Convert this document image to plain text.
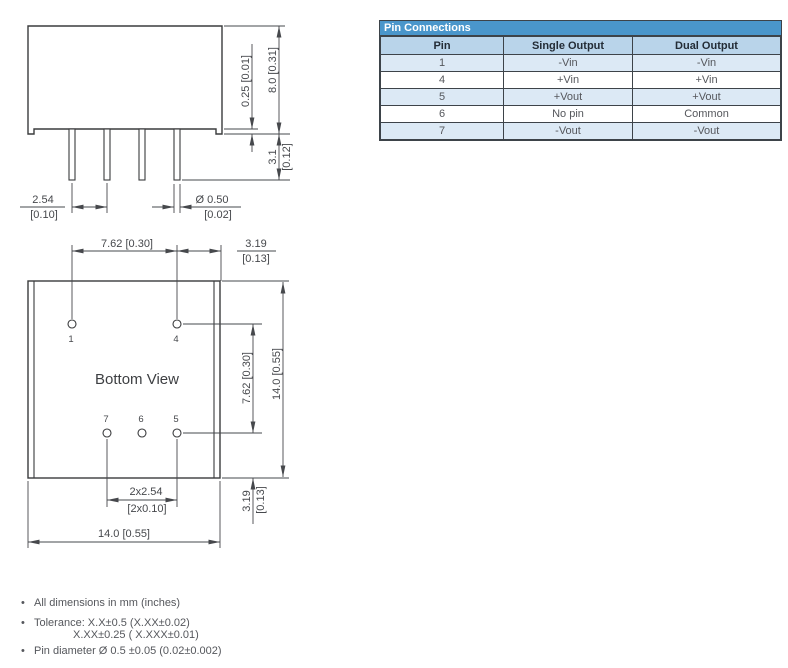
2.54
[0.10]
Ø 0.50
[0.02]
0.25 [0.01] 8.0 [0.31]
3.1 [0.12]
Bottom View
1	4
7	6	5
7.62 [0.30]	3.19
[0.13]
7.62 [0.30] 14.0 [0.55]
3.19 [0.13]
2x2.54
[2x0.10]
14.0 [0.55]
Pin Connections
Pin	Single Output	Dual Output
1	-Vin	-Vin
4	+Vin	+Vin
5	+Vout	+Vout
6	No pin	Common
7	-Vout	-Vout
• All dimensions in mm (inches)
• Tolerance: X.X±0.5 (X.XX±0.02)
X.XX±0.25 ( X.XXX±0.01)
• Pin diameter Ø 0.5 ±0.05 (0.02±0.002)
